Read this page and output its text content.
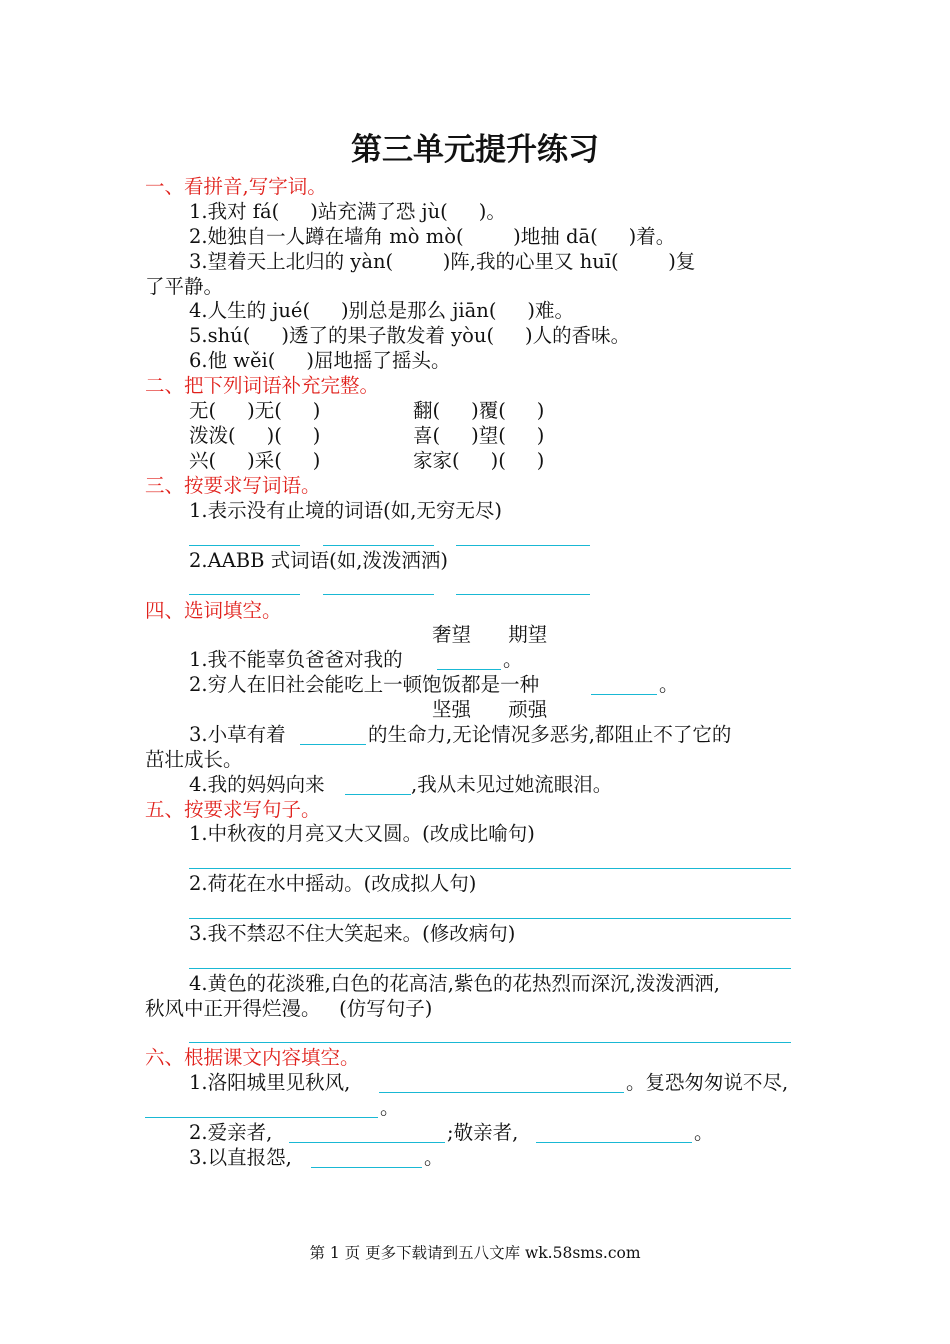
第三单元提升练习
一、看拼音,写字词。
1.我对 fá(     )站充满了恐 jù(     )。
2.她独自一人蹲在墙角 mò mò(        )地抽 dā(     )着。
3.望着天上北归的 yàn(        )阵,我的心里又 huī(        )复
了平静。
4.人生的 jué(     )别总是那么 jiān(     )难。
5.shú(     )透了的果子散发着 yòu(     )人的香味。
6.他 wěi(     )屈地摇了摇头。
二、把下列词语补充完整。
无(     )无(     )	翻(     )覆(     )
泼泼(     )(     )	喜(     )望(     )
兴(     )采(     )	家家(     )(     )
三、按要求写词语。
1.表示没有止境的词语(如,无穷无尽)
2.AABB 式词语(如,泼泼洒洒)
四、选词填空。
奢望      期望
1.我不能辜负爸爸对我的	。
2.穷人在旧社会能吃上一顿饱饭都是一种	。
坚强      顽强
3.小草有着	的生命力,无论情况多恶劣,都阻止不了它的
茁壮成长。
4.我的妈妈向来	,我从未见过她流眼泪。
五、按要求写句子。
1.中秋夜的月亮又大又圆。(改成比喻句)
2.荷花在水中摇动。(改成拟人句)
3.我不禁忍不住大笑起来。(修改病句)
4.黄色的花淡雅,白色的花高洁,紫色的花热烈而深沉,泼泼洒洒,
秋风中正开得烂漫。   (仿写句子)
六、根据课文内容填空。
1.洛阳城里见秋风,	。复恐匆匆说不尽,
。
2.爱亲者,	;敬亲者,	。
3.以直报怨,	。
第 1 页 更多下载请到五八文库 wk.58sms.com
